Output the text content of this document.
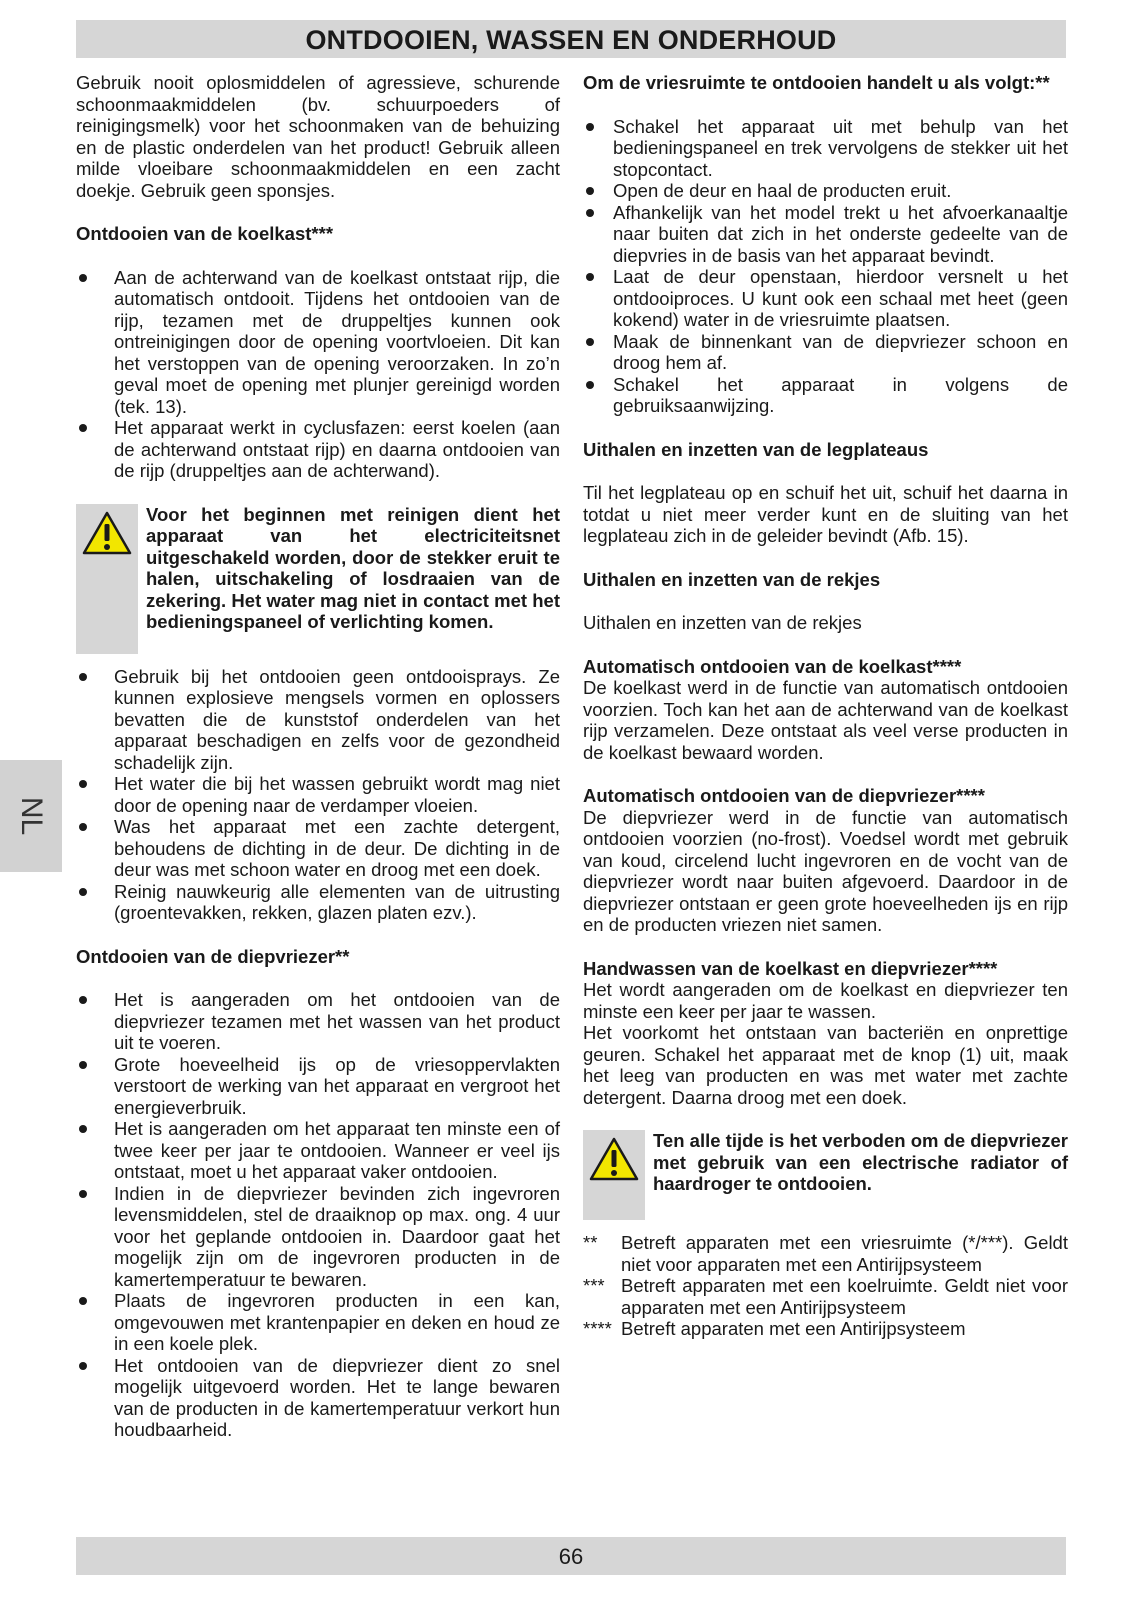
ONTDOOIEN, WASSEN EN ONDERHOUD
NL

Gebruik nooit oplosmiddelen of agressieve, schurende schoonmaakmiddelen (bv. schuurpoeders of reinigingsmelk) voor het schoonmaken van de behuizing en de plastic onderdelen van het product! Gebruik alleen milde vloeibare schoonmaakmiddelen en een zacht doekje. Gebruik geen sponsjes.

Ontdooien van de koelkast***

Aan de achterwand van de koelkast ontstaat rijp, die automatisch ontdooit. Tijdens het ontdooien van de rijp, tezamen met de druppeltjes kunnen ook ontreinigingen door de opening voortvloeien. Dit kan het verstoppen van de opening veroorzaken. In zo’n geval moet de opening met plunjer gereinigd worden (tek. 13).
Het apparaat werkt in cyclusfazen: eerst koelen (aan de achterwand ontstaat rijp) en daarna ontdooien van de rijp (druppeltjes aan de achterwand).
Voor het beginnen met reinigen dient het apparaat van het electriciteitsnet uitgeschakeld worden, door de stekker eruit te halen, uitschakeling of losdraaien van de zekering. Het water mag niet in contact met het bedieningspaneel of verlichting komen.
Gebruik bij het ontdooien geen ontdooisprays. Ze kunnen explosieve mengsels vormen en oplossers bevatten die de kunststof onderdelen van het apparaat beschadigen en zelfs voor de gezondheid schadelijk zijn.
Het water die bij het wassen gebruikt wordt mag niet door de opening naar de verdamper vloeien.
Was het apparaat met een zachte detergent, behoudens de dichting in de deur. De dichting in de deur was met schoon water en droog met een doek.
Reinig nauwkeurig alle elementen van de uitrusting (groentevakken, rekken, glazen platen ezv.).

Ontdooien van de diepvriezer**

Het is aangeraden om het ontdooien van de diepvriezer tezamen met het wassen van het product uit te voeren.
Grote hoeveelheid ijs op de vriesoppervlakten verstoort de werking van het apparaat en vergroot het energieverbruik.
Het is aangeraden om het apparaat ten minste een of twee keer per jaar te ontdooien. Wanneer er veel ijs ontstaat, moet u het apparaat vaker ontdooien.
Indien in de diepvriezer bevinden zich ingevroren levensmiddelen, stel de draaiknop op max. ong. 4 uur voor het geplande ontdooien in. Daardoor gaat het mogelijk zijn om de ingevroren producten in de kamertemperatuur te bewaren.
Plaats de ingevroren producten in een kan, omgevouwen met krantenpapier en deken en houd ze in een koele plek.
Het ontdooien van de diepvriezer dient zo snel mogelijk uitgevoerd worden. Het te lange bewaren van de producten in de kamertemperatuur verkort hun houdbaarheid.

Om de vriesruimte te ontdooien handelt u als volgt:**

Schakel het apparaat uit met behulp van het bedieningspaneel en trek vervolgens de stekker uit het stopcontact.
Open de deur en haal de producten eruit.
Afhankelijk van het model trekt u het afvoerkanaaltje naar buiten dat zich in het onderste gedeelte van de diepvries in de basis van het apparaat bevindt.
Laat de deur openstaan, hierdoor versnelt u het ontdooiproces. U kunt ook een schaal met heet (geen kokend) water in de vriesruimte plaatsen.
Maak de binnenkant van de diepvriezer schoon en droog hem af.
Schakel het apparaat in volgens de gebruiksaanwijzing.

Uithalen en inzetten van de legplateaus

Til het legplateau op en schuif het uit, schuif het daarna in totdat u niet meer verder kunt en de sluiting van het legplateau zich in de geleider bevindt (Afb. 15).

Uithalen en inzetten van de rekjes

Uithalen en inzetten van de rekjes

Automatisch ontdooien van de koelkast****

De koelkast werd in de functie van automatisch ontdooien voorzien. Toch kan het aan de achterwand van de koelkast rijp verzamelen. Deze ontstaat als veel verse producten in de koelkast bewaard worden.

Automatisch ontdooien van de diepvriezer****

De diepvriezer werd in de functie van automatisch ontdooien voorzien (no-frost). Voedsel wordt met gebruik van koud, circelend lucht ingevroren en de vocht van de diepvriezer wordt naar buiten afgevoerd. Daardoor in de diepvriezer ontstaan er geen grote hoeveelheden ijs en rijp en de producten vriezen niet samen.

Handwassen van de koelkast en diepvriezer****

Het wordt aangeraden om de koelkast en diepvriezer ten minste een keer per jaar te wassen.

Het voorkomt het ontstaan van bacteriën en onprettige geuren. Schakel het apparaat met de knop (1) uit, maak het leeg van producten en was met water met zachte detergent. Daarna droog met een doek.

Ten alle tijde is het verboden om de diepvriezer met gebruik van een electrische radiator of haardroger te ontdooien.
** Betreft apparaten met een vriesruimte (*/***). Geldt niet voor apparaten met een Antirijpsysteem
*** Betreft apparaten met een koelruimte. Geldt niet voor apparaten met een Antirijpsysteem
**** Betreft apparaten met een Antirijpsysteem
66
